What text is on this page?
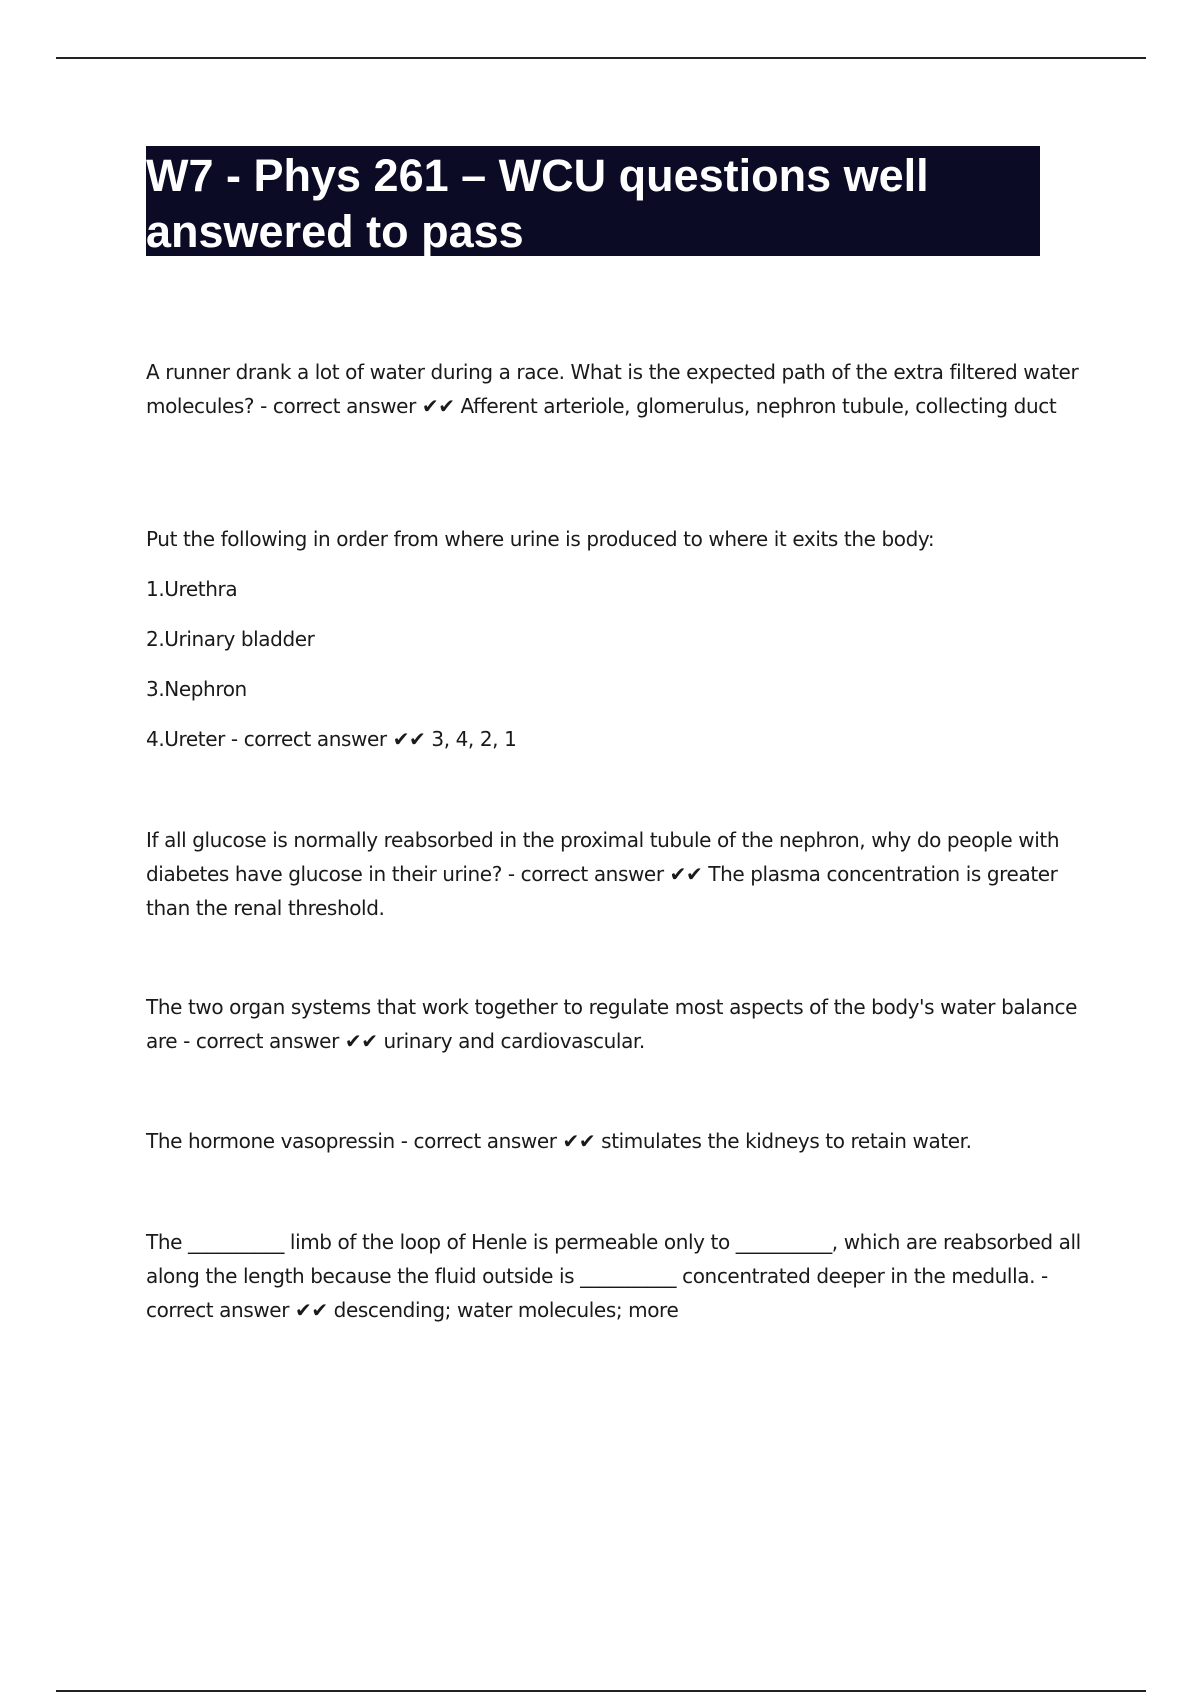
W7 - Phys 261 – WCU questions well answered to pass

A runner drank a lot of water during a race. What is the expected path of the extra filtered water molecules? - correct answer ✔✔ Afferent arteriole, glomerulus, nephron tubule, collecting duct

Put the following in order from where urine is produced to where it exits the body:

1.Urethra

2.Urinary bladder

3.Nephron

4.Ureter - correct answer ✔✔ 3, 4, 2, 1

If all glucose is normally reabsorbed in the proximal tubule of the nephron, why do people with diabetes have glucose in their urine? - correct answer ✔✔ The plasma concentration is greater than the renal threshold.

The two organ systems that work together to regulate most aspects of the body's water balance are - correct answer ✔✔ urinary and cardiovascular.

The hormone vasopressin - correct answer ✔✔ stimulates the kidneys to retain water.

The __________ limb of the loop of Henle is permeable only to __________, which are reabsorbed all along the length because the fluid outside is __________ concentrated deeper in the medulla. - correct answer ✔✔ descending; water molecules; more
